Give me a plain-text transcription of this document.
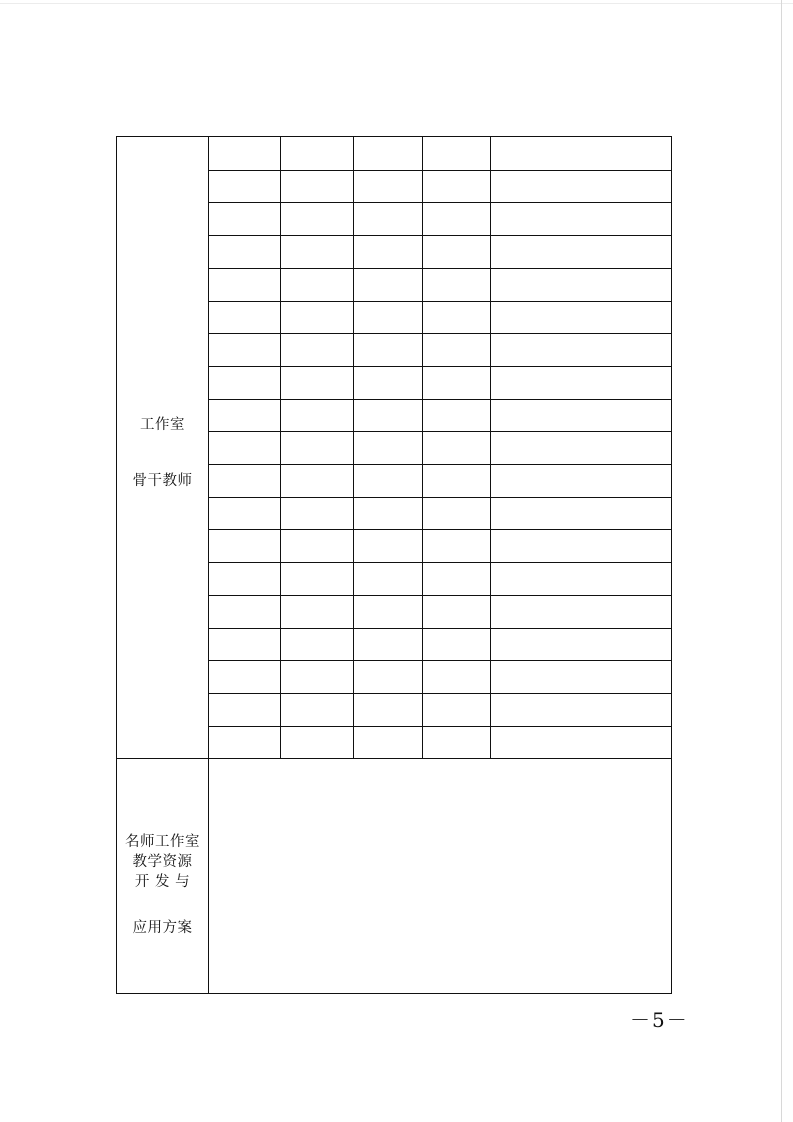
工作室
骨干教师
名师工作室
教学资源
开 发 与
应用方案
－5－
